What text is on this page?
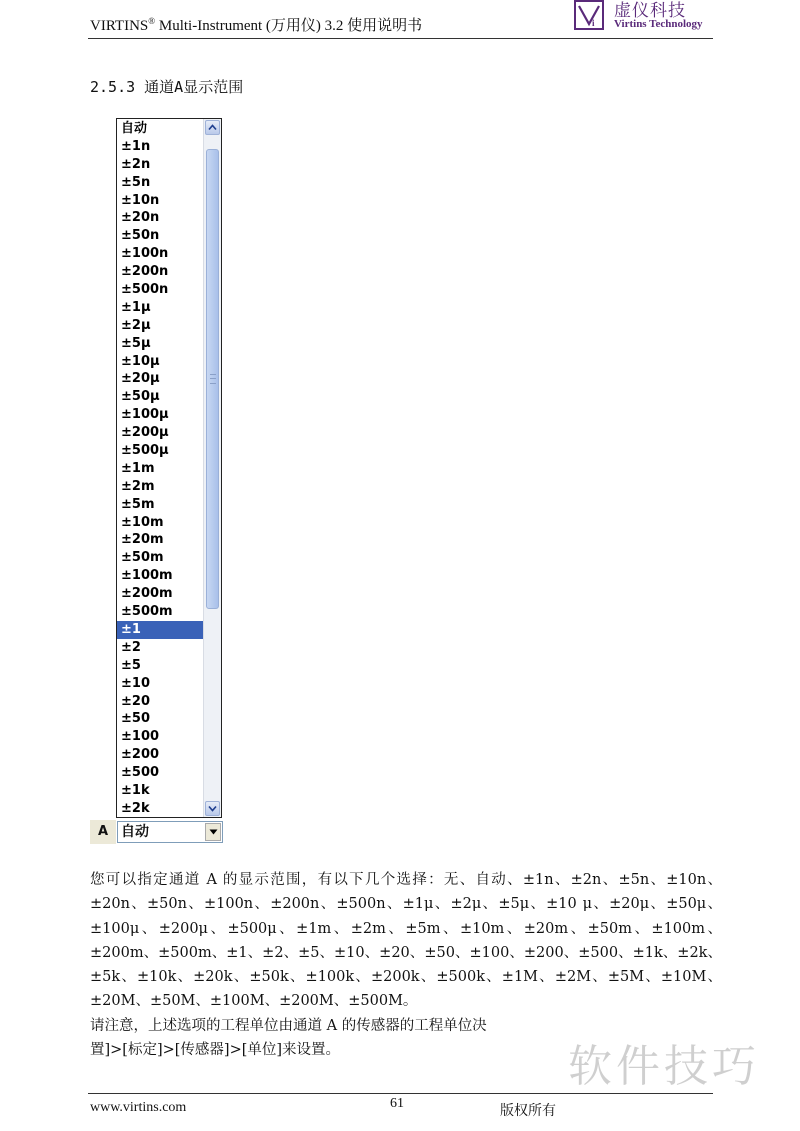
VIRTINS® Multi-Instrument (万用仪) 3.2 使用说明书	i
虚仪科技
Virtins Technology
2.5.3 通道A显示范围
自动
±1n
±2n
±5n
±10n
±20n
±50n
±100n
±200n
±500n
±1μ
±2μ
±5μ
±10μ
±20μ
±50μ
±100μ
±200μ
±500μ
±1m
±2m
±5m
±10m
±20m
±50m
±100m
±200m
±500m
±1
±2
±5
±10
±20
±50
±100
±200
±500
±1k
±2k
A 自动

您可以指定通道 A 的显示范围，有以下几个选择：无、自动、±1n、±2n、±5n、±10n、±20n、±50n、±100n、±200n、±500n、±1μ、±2μ、±5μ、±10 μ、±20μ、±50μ、±100μ、±200μ、±500μ、±1m、±2m、±5m、±10m、±20m、±50m、±100m、±200m、±500m、±1、±2、±5、±10、±20、±50、±100、±200、±500、±1k、±2k、±5k、±10k、±20k、±50k、±100k、±200k、±500k、±1M、±2M、±5M、±10M、±20M、±50M、±100M、±200M、±500M。

请注意，上述选项的工程单位由通道 A 的传感器的工程单位决

置]>[标定]>[传感器]>[单位]来设置。	软件技巧
www.virtins.com	61	版权所有
